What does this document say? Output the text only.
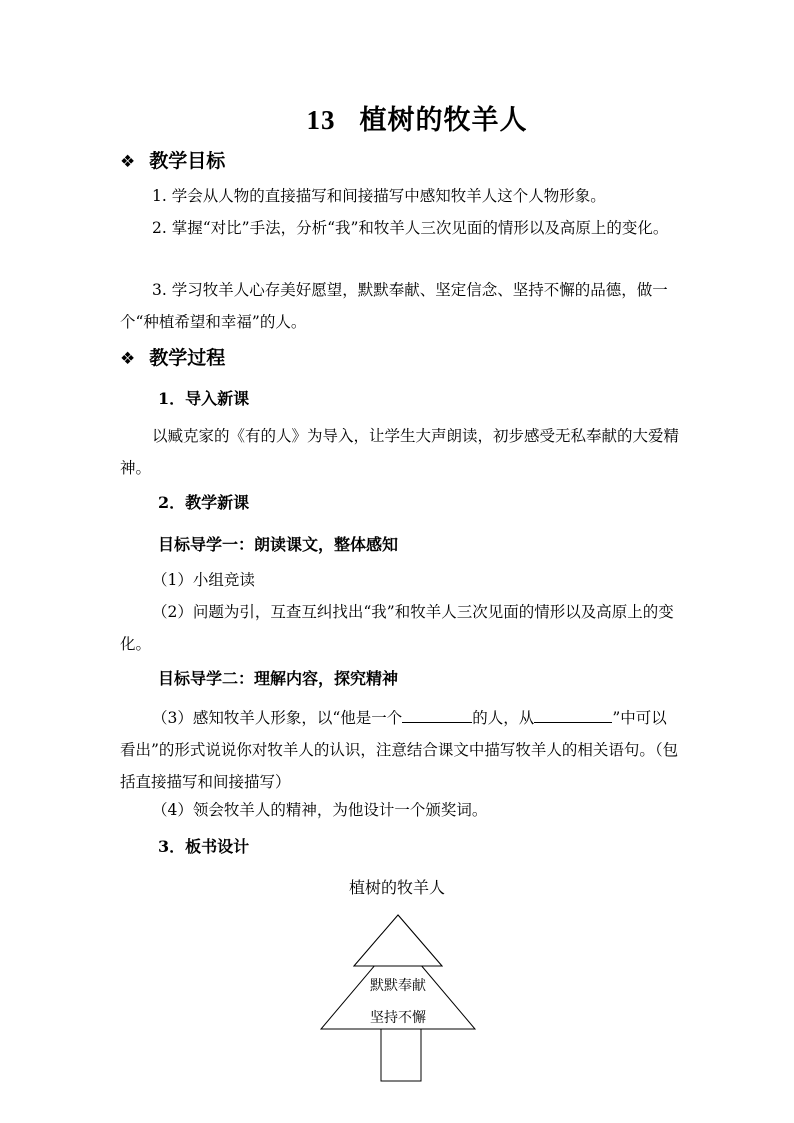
13 植树的牧羊人
❖ 教学目标
1. 学会从人物的直接描写和间接描写中感知牧羊人这个人物形象。
2. 掌握“对比”手法，分析“我”和牧羊人三次见面的情形以及高原上的变化。
3. 学习牧羊人心存美好愿望，默默奉献、坚定信念、坚持不懈的品德，做一个“种植希望和幸福”的人。
❖ 教学过程
1．导入新课
以臧克家的《有的人》为导入，让学生大声朗读，初步感受无私奉献的大爱精神。
2．教学新课
目标导学一：朗读课文，整体感知
（1）小组竞读
（2）问题为引，互查互纠找出“我”和牧羊人三次见面的情形以及高原上的变化。
目标导学二：理解内容，探究精神
（3）感知牧羊人形象，以“他是一个	的人，从	”中可以看出”的形式说说你对牧羊人的认识，注意结合课文中描写牧羊人的相关语句。（包括直接描写和间接描写）
（4）领会牧羊人的精神，为他设计一个颁奖词。
3．板书设计
植树的牧羊人
默默奉献
坚持不懈
